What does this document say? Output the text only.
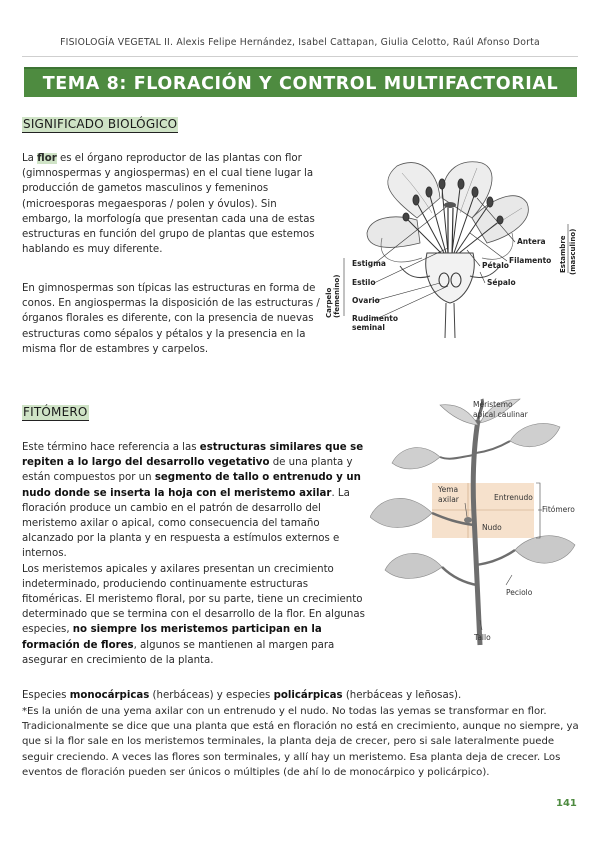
FISIOLOGÍA VEGETAL II. Alexis Felipe Hernández, Isabel Cattapan, Giulia Celotto, Raúl Afonso Dorta
TEMA 8: FLORACIÓN Y CONTROL MULTIFACTORIAL
SIGNIFICADO BIOLÓGICO
La flor es el órgano reproductor de las plantas con flor (gimnospermas y angiospermas) en el cual tiene lugar la producción de gametos masculinos y femeninos (microesporas megaesporas / polen y óvulos). Sin embargo, la morfología que presentan cada una de estas estructuras en función del grupo de plantas que estemos hablando es muy diferente.
En gimnospermas son típicas las estructuras en forma de conos. En angiospermas la disposición de las estructuras / órganos florales es diferente, con la presencia de nuevas estructuras como sépalos y pétalos y la presencia en la misma flor de estambres y carpelos.
Estigma
Estilo
Ovario
Rudimento
seminal
Antera
Filamento
Pétalo
Sépalo
Carpelo (femenino)
Estambre (masculino)
FITÓMERO
Este término hace referencia a las estructuras similares que se repiten a lo largo del desarrollo vegetativo de una planta y están compuestos por un segmento de tallo o entrenudo y un nudo donde se inserta la hoja con el meristemo axilar. La floración produce un cambio en el patrón de desarrollo del meristemo axilar o apical, como consecuencia del tamaño alcanzado por la planta y en respuesta a estímulos externos e internos.
Los meristemos apicales y axilares presentan un crecimiento indeterminado, produciendo continuamente estructuras fitoméricas. El meristemo floral, por su parte, tiene un crecimiento determinado que se termina con el desarrollo de la flor. En algunas especies, no siempre los meristemos participan en la formación de flores, algunos se mantienen al margen para asegurar en crecimiento de la planta.
Especies monocárpicas (herbáceas) y especies policárpicas (herbáceas y leñosas).
*Es la unión de una yema axilar con un entrenudo y el nudo. No todas las yemas se transformar en flor. Tradicionalmente se dice que una planta que está en floración no está en crecimiento, aunque no siempre, ya que si la flor sale en los meristemos terminales, la planta deja de crecer, pero si sale lateralmente puede seguir creciendo. A veces las flores son terminales, y allí hay un meristemo. Esa planta deja de crecer. Los eventos de floración pueden ser únicos o múltiples (de ahí lo de monocárpico y policárpico).
Meristemo
apical caulinar
Yema
axilar	Entrenudo
Nudo
Fitómero
Peciolo
Tallo
141
